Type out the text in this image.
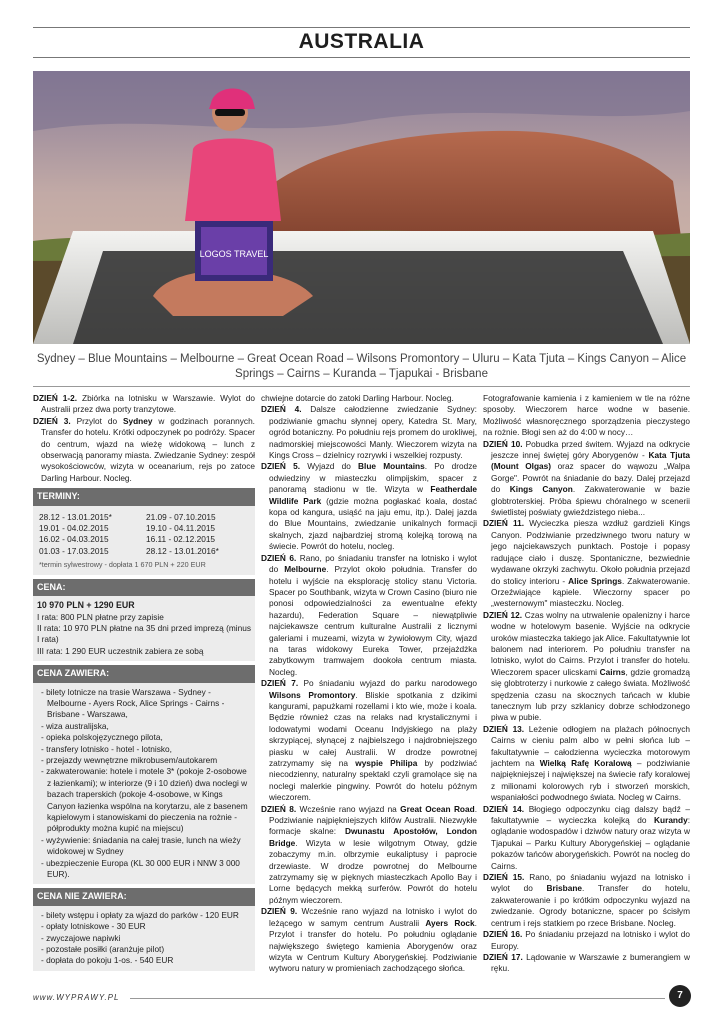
AUSTRALIA
LOGOS TRAVEL
Sydney – Blue Mountains – Melbourne – Great Ocean Road – Wilsons Promontory – Uluru – Kata Tjuta – Kings Canyon – Alice Springs – Cairns – Kuranda – Tjapukai - Brisbane
DZIEŃ 1-2. Zbiórka na lotnisku w Warszawie. Wylot do Australii przez dwa porty tranzytowe.
DZIEŃ 3. Przylot do Sydney w godzinach porannych. Transfer do hotelu. Krótki odpoczynek po podróży. Spacer do centrum, wjazd na wieżę widokową – lunch z obserwacją panoramy miasta. Zwiedzanie Sydney: zespół wysokościowców, wizyta w oceanarium, rejs po zatoce Darling Harbour. Nocleg.
TERMINY:
28.12 - 13.01.2015*	21.09 - 07.10.2015
19.01 - 04.02.2015	19.10 - 04.11.2015
16.02 - 04.03.2015	16.11 - 02.12.2015
01.03 - 17.03.2015	28.12 - 13.01.2016*
*termin sylwestrowy - dopłata 1 670 PLN + 220 EUR
CENA:
10 970 PLN + 1290 EUR
I rata: 800 PLN płatne przy zapisie
II rata: 10 970 PLN płatne na 35 dni przed imprezą (minus I rata)
III rata: 1 290 EUR uczestnik zabiera ze sobą
CENA ZAWIERA:
- bilety lotnicze na trasie Warszawa - Sydney - Melbourne - Ayers Rock, Alice Springs - Cairns - Brisbane - Warszawa,
- wiza australijska,
- opieka polskojęzycznego pilota,
- transfery lotnisko - hotel - lotnisko,
- przejazdy wewnętrzne mikrobusem/autokarem
- zakwaterowanie: hotele i motele 3* (pokoje 2-osobowe z łazienkami); w interiorze (9 i 10 dzień) dwa noclegi w bazach traperskich (pokoje 4-osobowe, w Kings Canyon łazienka wspólna na korytarzu, ale z basenem kąpielowym i stanowiskami do pieczenia na rożnie - półprodukty można kupić na miejscu)
- wyżywienie: śniadania na całej trasie, lunch na wieży widokowej w Sydney
- ubezpieczenie Europa (KL 30 000 EUR i NNW 3 000 EUR).
CENA NIE ZAWIERA:
- bilety wstępu i opłaty za wjazd do parków - 120 EUR
- opłaty lotniskowe - 30 EUR
- zwyczajowe napiwki
- pozostałe posiłki (aranżuje pilot)
- dopłata do pokoju 1-os. - 540 EUR
chwiejne dotarcie do zatoki Darling Harbour. Nocleg.
DZIEŃ 4. Dalsze całodzienne zwiedzanie Sydney: podziwianie gmachu słynnej opery, Katedra St. Mary, ogród botaniczny. Po południu rejs promem do urokliwej, nadmorskiej miejscowości Manly. Wieczorem wizyta na Kings Cross – dzielnicy rozrywki i wszelkiej rozpusty.
DZIEŃ 5. Wyjazd do Blue Mountains. Po drodze odwiedziny w miasteczku olimpijskim, spacer z panoramą stadionu w tle. Wizyta w Featherdale Wildlife Park (gdzie można pogłaskać koala, dostać kopa od kangura, usiąść na jaju emu, itp.). Dalej jazda do Blue Mountains, zwiedzanie unikalnych formacji skalnych, zjazd najbardziej stromą kolejką torową na świecie. Powrót do hotelu, nocleg.
DZIEŃ 6. Rano, po śniadaniu transfer na lotnisko i wylot do Melbourne. Przylot około południa. Transfer do hotelu i wyjście na eksplorację stolicy stanu Victoria. Spacer po Southbank, wizyta w Crown Casino (biuro nie ponosi odpowiedzialności za ewentualne efekty hazardu), Federation Square – niewątpliwie najciekawsze centrum kulturalne Australii z licznymi galeriami i muzeami, wizyta w żywiołowym City, wjazd na taras widokowy Eureka Tower, przejażdżka zabytkowym tramwajem dookoła centrum miasta. Nocleg.
DZIEŃ 7. Po śniadaniu wyjazd do parku narodowego Wilsons Promontory. Bliskie spotkania z dzikimi kangurami, papużkami rozellami i kto wie, może i koala. Będzie również czas na relaks nad krystalicznymi i lodowatymi wodami Oceanu Indyjskiego na plaży skrzypiącej, słynącej z najbielszego i najdrobniejszego piasku w całej Australii. W drodze powrotnej zatrzymamy się na wyspie Philipa by podziwiać niecodzienny, naturalny spektakl czyli gramolące się na noclegi malerkie pingwiny. Powrót do hotelu późnym wieczorem.
DZIEŃ 8. Wcześnie rano wyjazd na Great Ocean Road. Podziwianie najpiękniejszych klifów Australii. Niezwykłe formacje skalne: Dwunastu Apostołów, London Bridge. Wizyta w lesie wilgotnym Otway, gdzie zobaczymy m.in. olbrzymie eukaliptusy i paprocie drzewiaste. W drodze powrotnej do Melbourne zatrzymamy się w pięknych miasteczkach Apollo Bay i Lorne będących mekką surferów. Powrót do hotelu późnym wieczorem.
DZIEŃ 9. Wcześnie rano wyjazd na lotnisko i wylot do leżącego w samym centrum Australii Ayers Rock. Przylot i transfer do hotelu. Po południu oglądanie największego świętego kamienia Aborygenów oraz wizyta w Centrum Kultury Aborygeńskiej. Podziwianie wytworu natury w promieniach zachodzącego słońca.
Fotografowanie kamienia i z kamieniem w tle na różne sposoby. Wieczorem harce wodne w basenie. Możliwość własnoręcznego sporządzenia pieczystego na rożnie. Błogi sen aż do 4:00 w nocy…
DZIEŃ 10. Pobudka przed świtem. Wyjazd na odkrycie jeszcze innej świętej góry Aborygenów - Kata Tjuta (Mount Olgas) oraz spacer do wąwozu „Walpa Gorge". Powrót na śniadanie do bazy. Dalej przejazd do Kings Canyon. Zakwaterowanie w bazie globtroterskiej. Próba śpiewu chóralnego w scenerii świetlistej poświaty gwieździstego nieba...
DZIEŃ 11. Wycieczka pieszа wzdłuż gardzieli Kings Canyon. Podziwianie przedziwnego tworu natury w jego najciekawszych punktach. Postoje i popasy radujące ciało i duszę. Spontaniczne, bezwiednie wydawane okrzyki zachwytu. Około południa przejazd do stolicy interioru - Alice Springs. Zakwaterowanie. Orzeźwiające kąpiele. Wieczorny spacer po „westernowym" miasteczku. Nocleg.
DZIEŃ 12. Czas wolny na utrwalenie opalenizny i harce wodne w hotelowym basenie. Wyjście na odkrycie uroków miasteczka takiego jak Alice. Fakultatywnie lot balonem nad interiorem. Po południu transfer na lotnisko, wylot do Cairns. Przylot i transfer do hotelu. Wieczorem spacer ulicskami Cairns, gdzie gromadzą się globtroterzy i nurkowie z całego świata. Możliwość spędzenia czasu na skocznych tańcach w klubie tanecznym lub przy szklanicy dobrze schłodzonego piwa w pubie.
DZIEŃ 13. Leżenie odłogiem na plażach północnych Cairns w cieniu palm albo w pełni słońca lub – fakultatywnie – całodzienna wycieczka motorowym jachtem na Wielką Rafę Koralową – podziwianie najpiękniejszej i największej na świecie rafy koralowej z milionami kolorowych ryb i stworzeń morskich, wspaniałości podwodnego świata. Nocleg w Cairns.
DZIEŃ 14. Błogiego odpoczynku ciąg dalszy bądź – fakultatywnie – wycieczka kolejką do Kurandy: oglądanie wodospadów i dziwów natury oraz wizyta w Tjapukai – Parku Kultury Aborygeńskiej – oglądanie pokazów tańców aborygeńskich. Powrót na nocleg do Cairns.
DZIEŃ 15. Rano, po śniadaniu wyjazd na lotnisko i wylot do Brisbane. Transfer do hotelu, zakwaterowanie i po krótkim odpoczynku wyjazd na zwiedzanie. Ogrody botaniczne, spacer po ścisłym centrum i rejs statkiem po rzece Brisbane. Nocleg.
DZIEŃ 16. Po śniadaniu przejazd na lotnisko i wylot do Europy.
DZIEŃ 17. Lądowanie w Warszawie z bumerangiem w ręku.
www.WYPRAWY.PL	7
